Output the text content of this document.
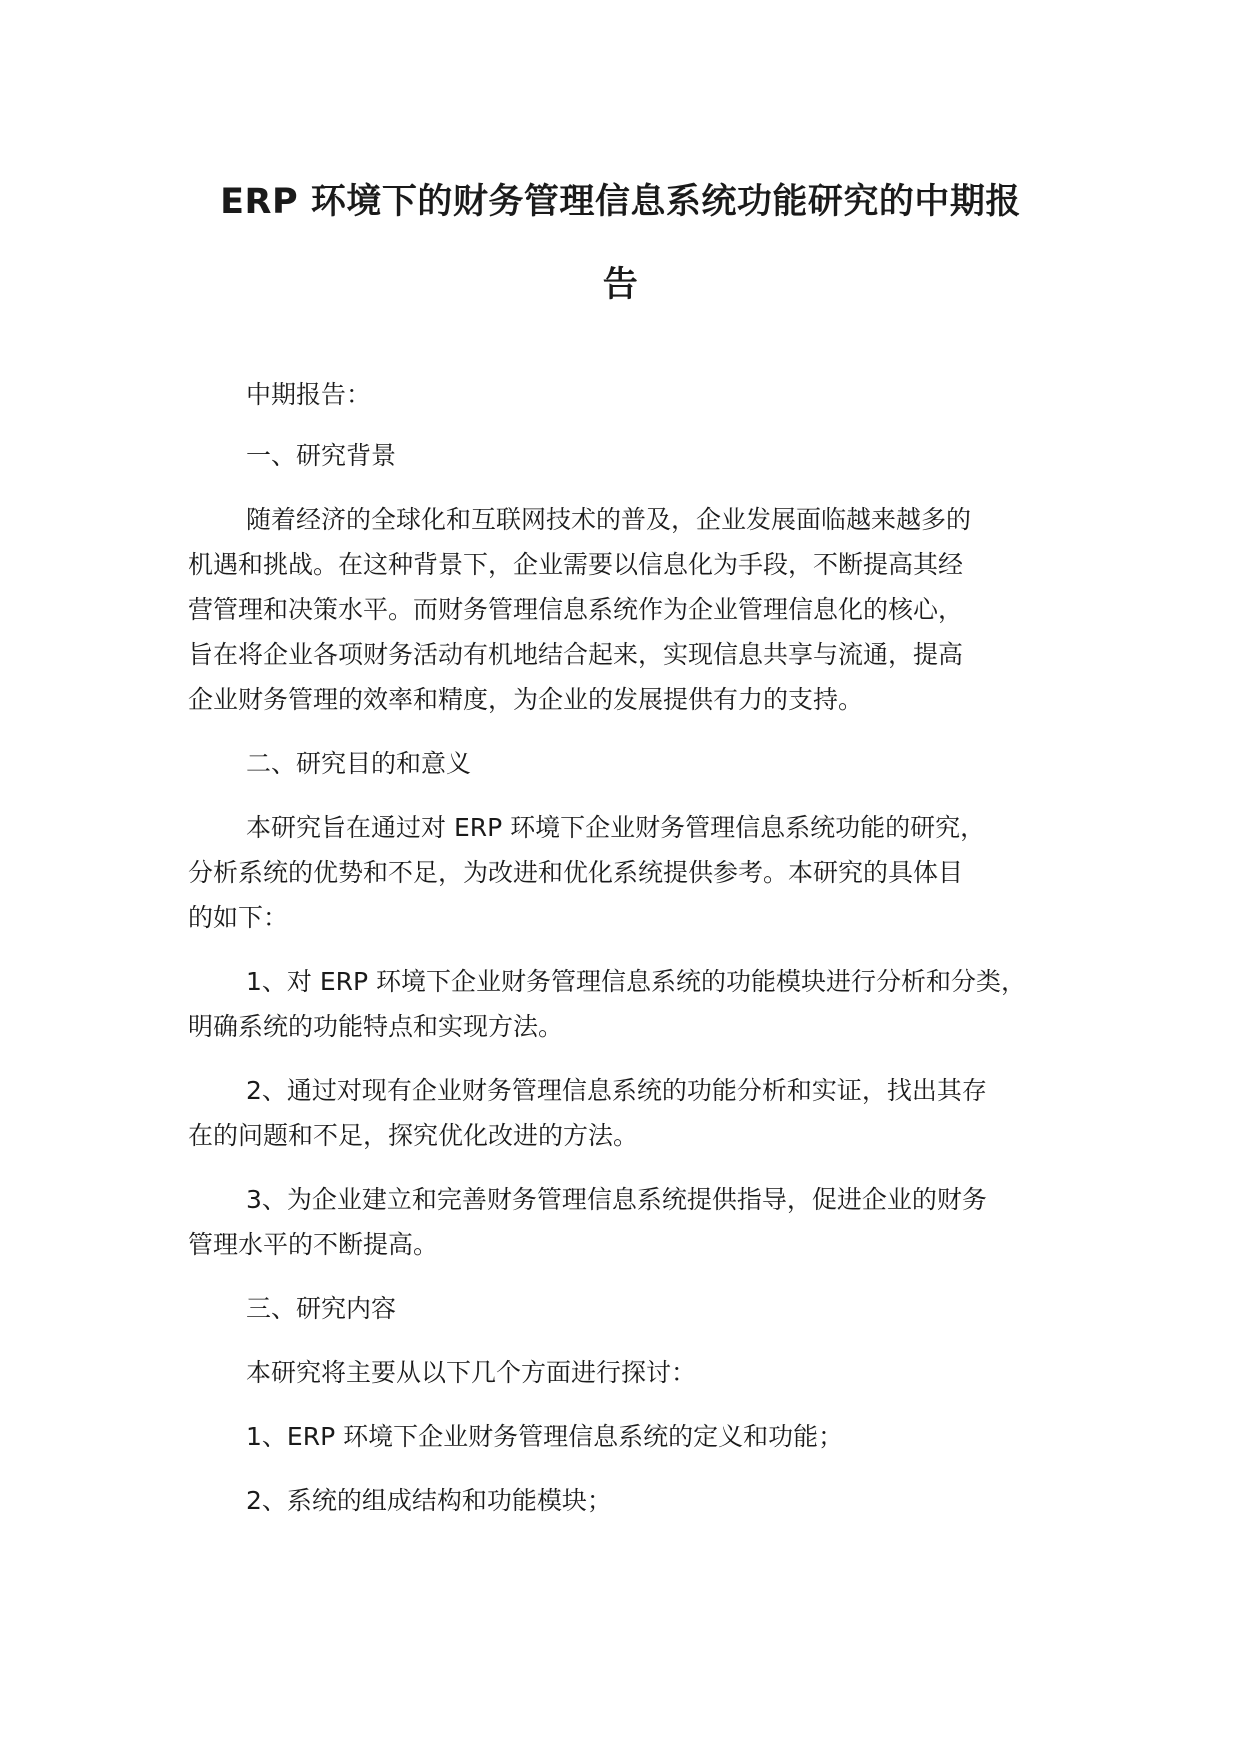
ERP 环境下的财务管理信息系统功能研究的中期报
告
中期报告：
一、研究背景
随着经济的全球化和互联网技术的普及，企业发展面临越来越多的
机遇和挑战。在这种背景下，企业需要以信息化为手段，不断提高其经
营管理和决策水平。而财务管理信息系统作为企业管理信息化的核心，
旨在将企业各项财务活动有机地结合起来，实现信息共享与流通，提高
企业财务管理的效率和精度，为企业的发展提供有力的支持。
二、研究目的和意义
本研究旨在通过对 ERP 环境下企业财务管理信息系统功能的研究，
分析系统的优势和不足，为改进和优化系统提供参考。本研究的具体目
的如下：
1、对 ERP 环境下企业财务管理信息系统的功能模块进行分析和分类，
明确系统的功能特点和实现方法。
2、通过对现有企业财务管理信息系统的功能分析和实证，找出其存
在的问题和不足，探究优化改进的方法。
3、为企业建立和完善财务管理信息系统提供指导，促进企业的财务
管理水平的不断提高。
三、研究内容
本研究将主要从以下几个方面进行探讨：
1、ERP 环境下企业财务管理信息系统的定义和功能；
2、系统的组成结构和功能模块；
